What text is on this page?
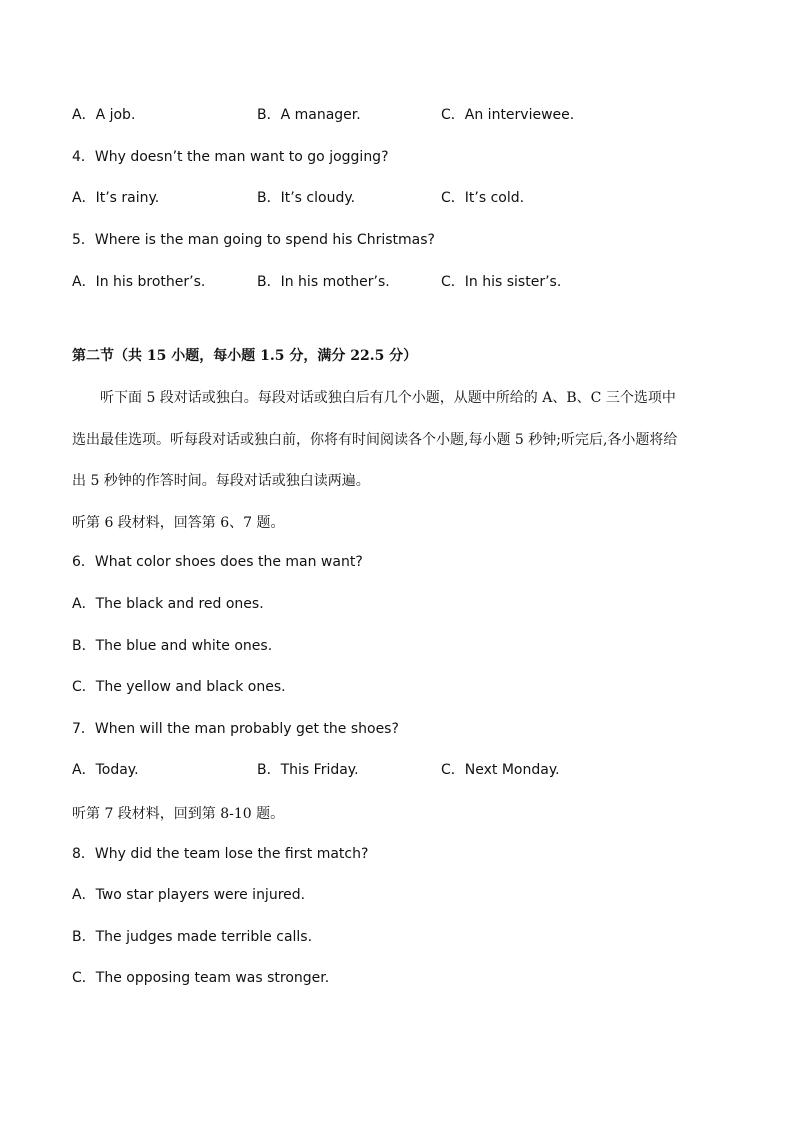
A．A job.	B．A manager.	C．An interviewee.
4．Why doesn’t the man want to go jogging?
A．It’s rainy.	B．It’s cloudy.	C．It’s cold.
5．Where is the man going to spend his Christmas?
A．In his brother’s.	B．In his mother’s.	C．In his sister’s.
第二节（共 15 小题，每小题 1.5 分，满分 22.5 分）
听下面 5 段对话或独白。每段对话或独白后有几个小题，从题中所给的 A、B、C 三个选项中
选出最佳选项。听每段对话或独白前，你将有时间阅读各个小题,每小题 5 秒钟;听完后,各小题将给
出 5 秒钟的作答时间。每段对话或独白读两遍。
听第 6 段材料，回答第 6、7 题。
6．What color shoes does the man want?
A．The black and red ones.
B．The blue and white ones.
C．The yellow and black ones.
7．When will the man probably get the shoes?
A．Today.	B．This Friday.	C．Next Monday.
听第 7 段材料，回到第 8-10 题。
8．Why did the team lose the first match?
A．Two star players were injured.
B．The judges made terrible calls.
C．The opposing team was stronger.
